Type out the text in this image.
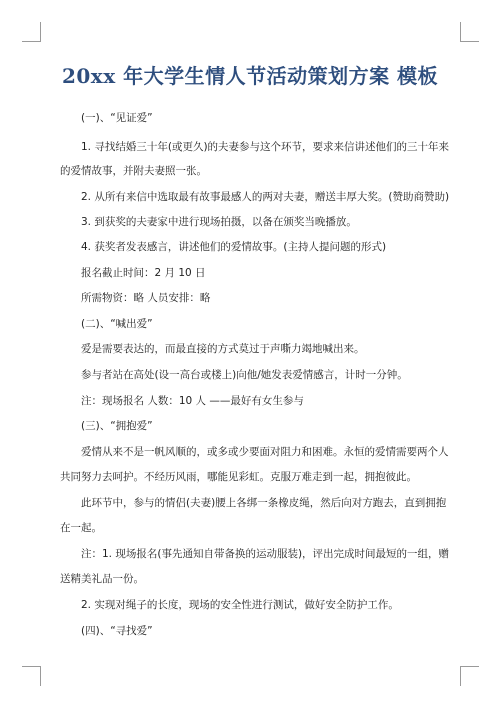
20xx 年大学生情人节活动策划方案 模板
(一)、“见证爱”
1. 寻找结婚三十年(或更久)的夫妻参与这个环节，要求来信讲述他们的三十年来
的爱情故事，并附夫妻照一张。
2. 从所有来信中选取最有故事最感人的两对夫妻，赠送丰厚大奖。(赞助商赞助)
3. 到获奖的夫妻家中进行现场拍摄，以备在颁奖当晚播放。
4. 获奖者发表感言，讲述他们的爱情故事。(主持人提问题的形式)
报名截止时间：2 月 10 日
所需物资：略 人员安排：略
(二)、“喊出爱”
爱是需要表达的，而最直接的方式莫过于声嘶力竭地喊出来。
参与者站在高处(设一高台或楼上)向他/她发表爱情感言，计时一分钟。
注：现场报名 人数：10 人 ——最好有女生参与
(三)、“拥抱爱”
爱情从来不是一帆风顺的，或多或少要面对阻力和困难。永恒的爱情需要两个人
共同努力去呵护。不经历风雨，哪能见彩虹。克服万难走到一起，拥抱彼此。
此环节中，参与的情侣(夫妻)腰上各绑一条橡皮绳，然后向对方跑去，直到拥抱
在一起。
注：1. 现场报名(事先通知自带备换的运动服装)，评出完成时间最短的一组，赠
送精美礼品一份。
2. 实现对绳子的长度，现场的安全性进行测试，做好安全防护工作。
(四)、“寻找爱”
